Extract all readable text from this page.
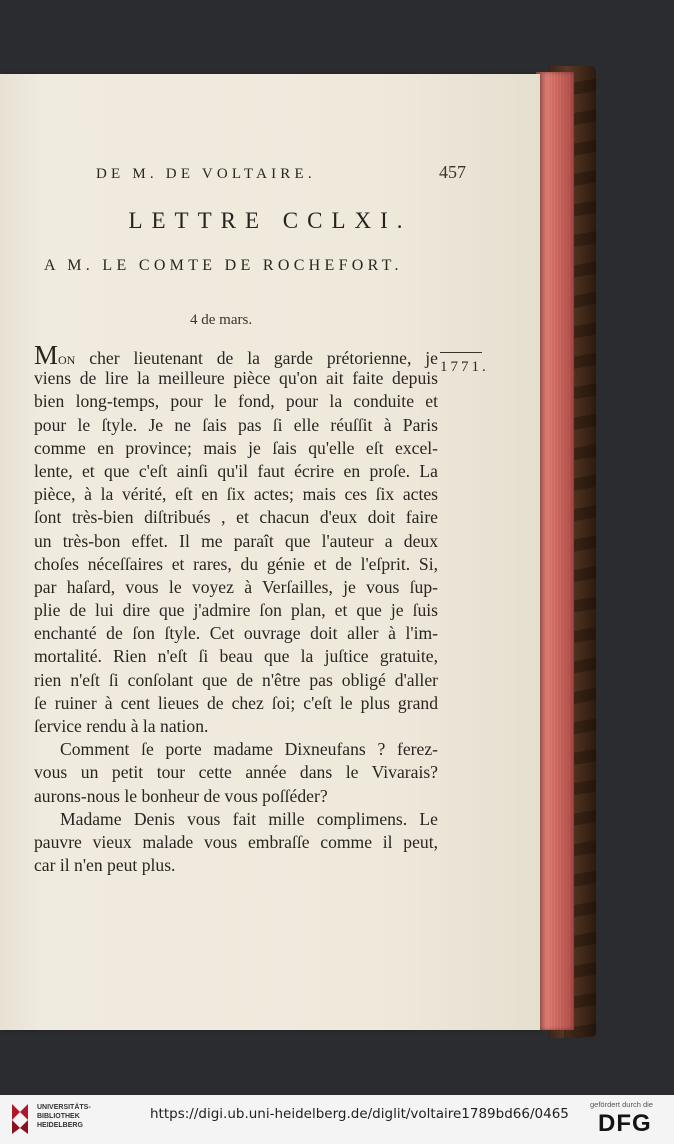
DE M. DE VOLTAIRE.	457
LETTRE CCLXI.
A M. LE COMTE DE ROCHEFORT.
4 de mars.
1771.
Mon cher lieutenant de la garde prétorienne, je
viens de lire la meilleure pièce qu'on ait faite depuis
bien long-temps, pour le fond, pour la conduite et
pour le ſtyle. Je ne ſais pas ſi elle réuſſit à Paris
comme en province; mais je ſais qu'elle eſt excel-
lente, et que c'eſt ainſi qu'il faut écrire en proſe. La
pièce, à la vérité, eſt en ſix actes; mais ces ſix actes
ſont très-bien diſtribués , et chacun d'eux doit faire
un très-bon effet. Il me paraît que l'auteur a deux
choſes néceſſaires et rares, du génie et de l'eſprit. Si,
par haſard, vous le voyez à Verſailles, je vous ſup-
plie de lui dire que j'admire ſon plan, et que je ſuis
enchanté de ſon ſtyle. Cet ouvrage doit aller à l'im-
mortalité. Rien n'eſt ſi beau que la juſtice gratuite,
rien n'eſt ſi conſolant que de n'être pas obligé d'aller
ſe ruiner à cent lieues de chez ſoi; c'eſt le plus grand
ſervice rendu à la nation.
Comment ſe porte madame Dixneufans ? ferez-
vous un petit tour cette année dans le Vivarais?
aurons-nous le bonheur de vous poſſéder?
Madame Denis vous fait mille complimens. Le
pauvre vieux malade vous embraſſe comme il peut,
car il n'en peut plus.
UNIVERSITÄTS-
BIBLIOTHEK
HEIDELBERG
https://digi.ub.uni-heidelberg.de/diglit/voltaire1789bd66/0465
gefördert durch die
DFG
